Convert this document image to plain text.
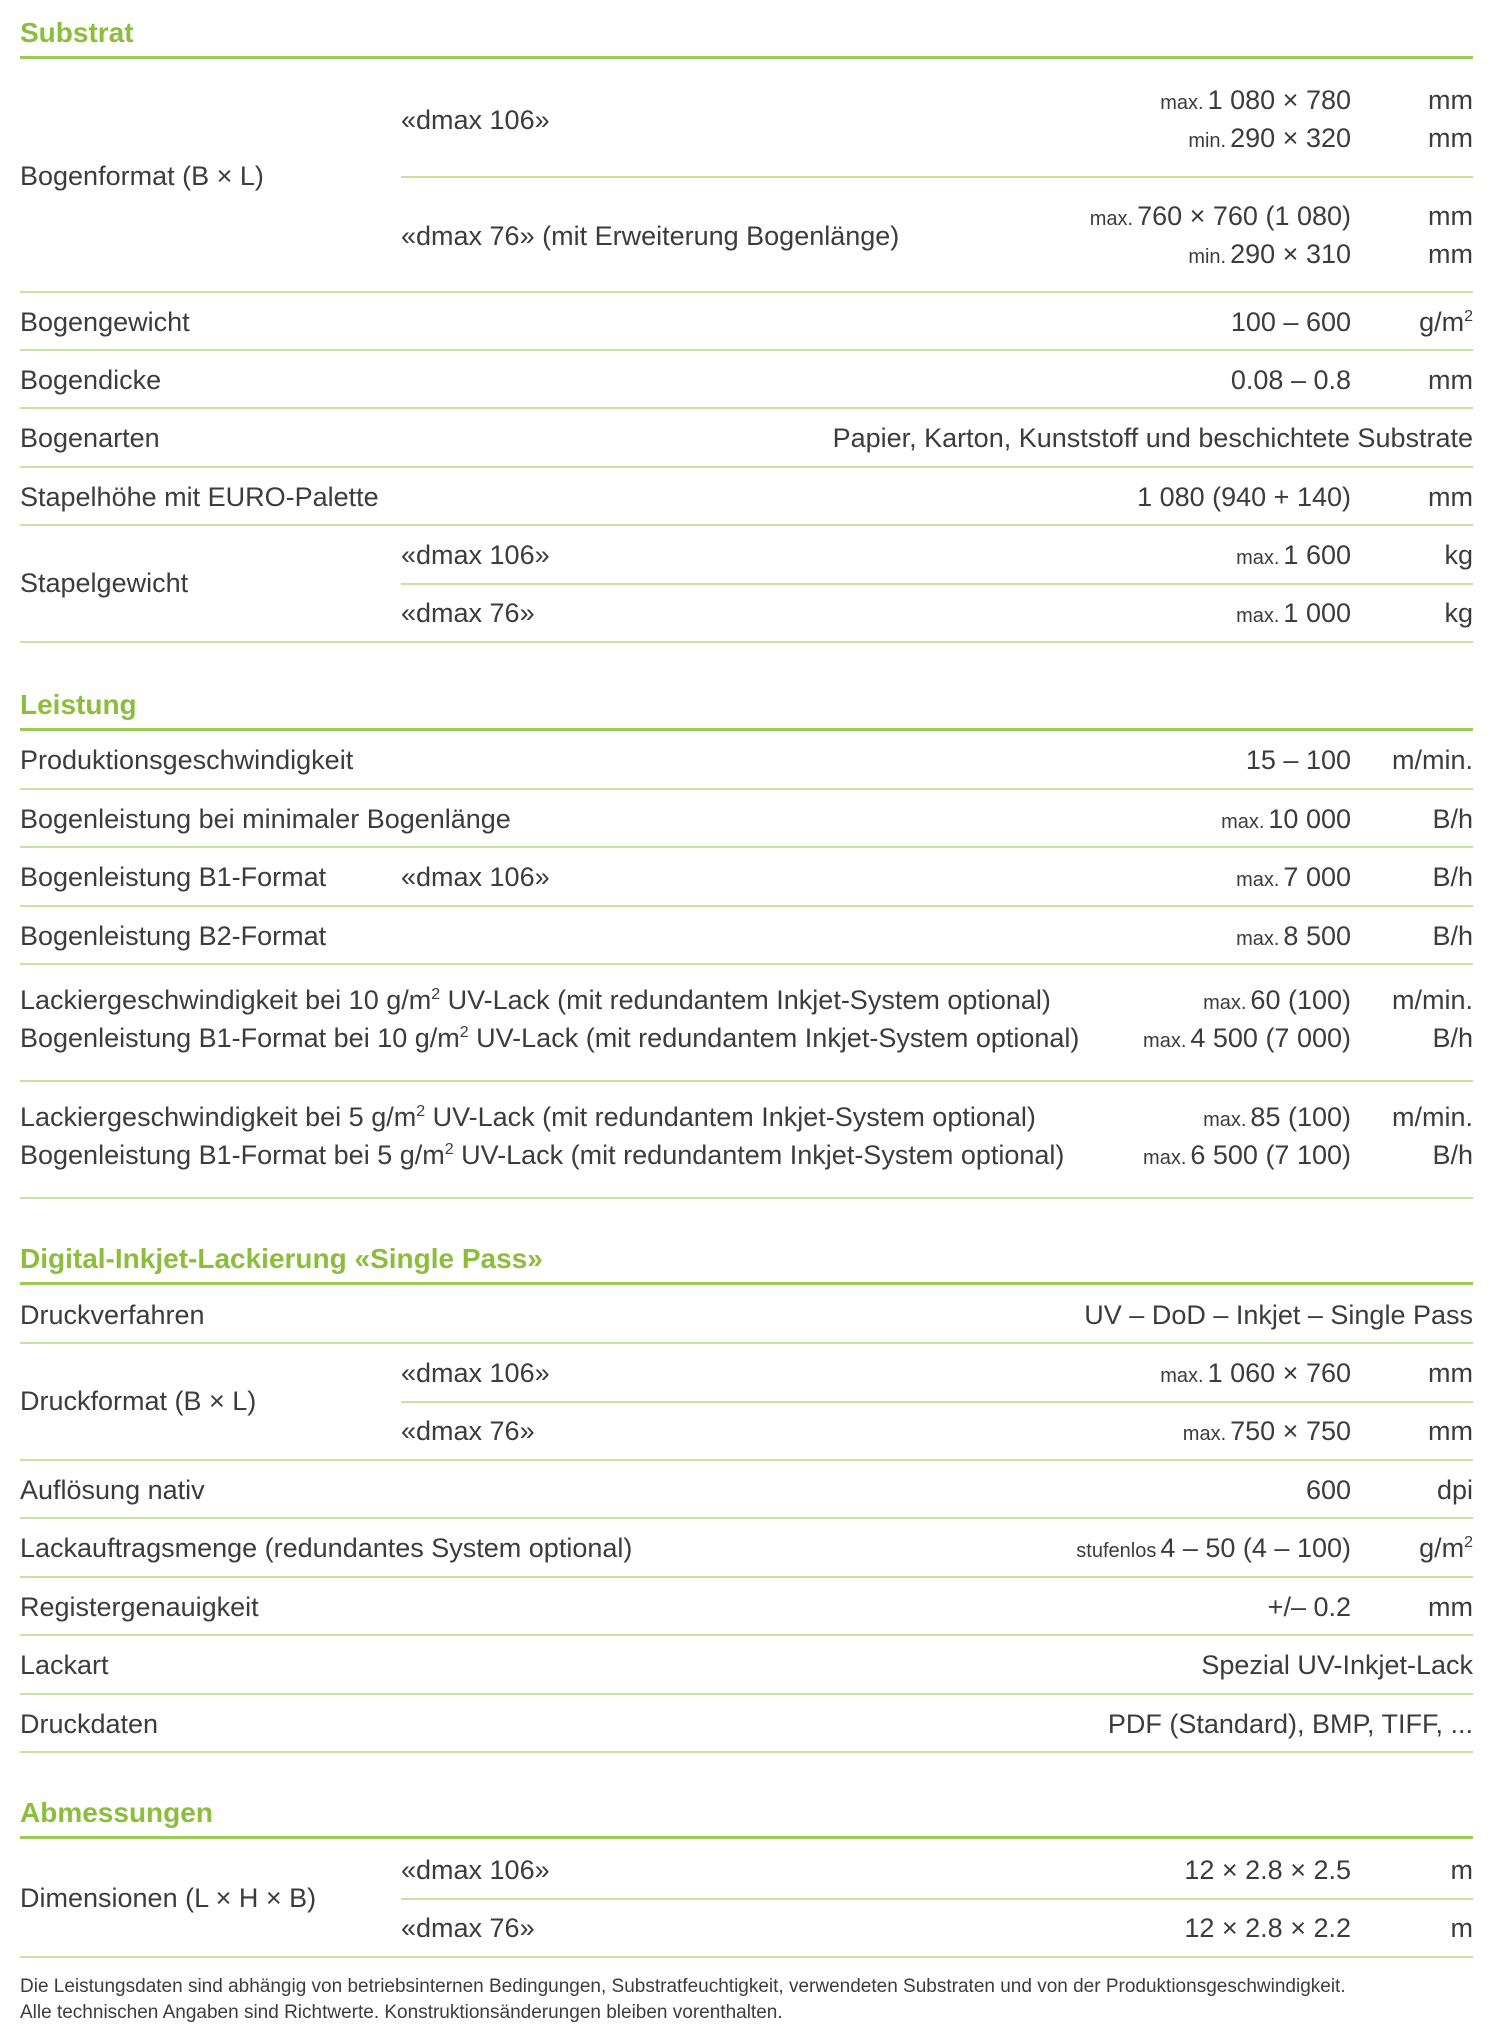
Substrat
Bogenformat (B × L)
«dmax 106»
max. 1 080 × 780	mm
min. 290 × 320	mm
«dmax 76» (mit Erweiterung Bogenlänge)
max. 760 × 760 (1 080)	mm
min. 290 × 310	mm
Bogengewicht	100 – 600	$g/m^2$
Bogendicke	0.08 – 0.8	mm
Bogenarten	Papier, Karton, Kunststoff und beschichtete Substrate
Stapelhöhe mit EURO-Palette	1 080 (940 + 140)	mm
Stapelgewicht
«dmax 106»	max. 1 600	kg
«dmax 76»	max. 1 000	kg
Leistung
Produktionsgeschwindigkeit	15 – 100 m/min.
Bogenleistung bei minimaler Bogenlänge	max. 10 000	B/h
Bogenleistung B1-Format	«dmax 106»	max. 7 000	B/h
Bogenleistung B2-Format	max. 8 500	B/h
Lackiergeschwindigkeit bei 10 $g/m^2$ UV-Lack (mit redundantem Inkjet-System optional)	max. 60 (100) m/min.
Bogenleistung B1-Format bei 10 $g/m^2$ UV-Lack (mit redundantem Inkjet-System optional)	max. 4 500 (7 000)	B/h
Lackiergeschwindigkeit bei 5 $g/m^2$ UV-Lack (mit redundantem Inkjet-System optional)	max. 85 (100) m/min.
Bogenleistung B1-Format bei 5 $g/m^2$ UV-Lack (mit redundantem Inkjet-System optional)	max. 6 500 (7 100)	B/h
Digital-Inkjet-Lackierung «Single Pass»
Druckverfahren	UV – DoD – Inkjet – Single Pass
Druckformat (B × L)
«dmax 106»	max. 1 060 × 760	mm
«dmax 76»	max. 750 × 750	mm
Auflösung nativ	600	dpi
Lackauftragsmenge (redundantes System optional)	stufenlos 4 – 50 (4 – 100)	$g/m^2$
Registergenauigkeit	+/– 0.2	mm
Lackart	Spezial UV-Inkjet-Lack
Druckdaten	PDF (Standard), BMP, TIFF, ...
Abmessungen
Dimensionen (L × H × B)
«dmax 106»	12 × 2.8 × 2.5	m
«dmax 76»	12 × 2.8 × 2.2	m
Die Leistungsdaten sind abhängig von betriebsinternen Bedingungen, Substratfeuchtigkeit, verwendeten Substraten und von der Produktionsgeschwindigkeit.
Alle technischen Angaben sind Richtwerte. Konstruktionsänderungen bleiben vorenthalten.
